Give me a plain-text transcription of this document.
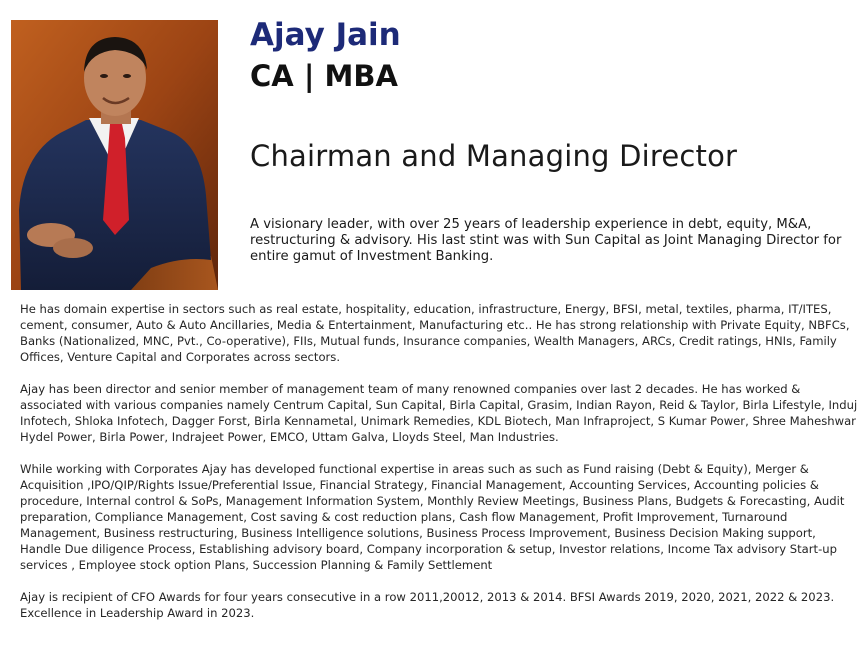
Ajay Jain
CA | MBA
Chairman and Managing Director

A visionary leader, with over 25 years of leadership experience in debt, equity, M&A, restructuring & advisory. His last stint was with Sun Capital as Joint Managing Director for entire gamut of Investment Banking.

He has domain expertise in sectors such as real estate, hospitality, education, infrastructure, Energy, BFSI, metal, textiles, pharma, IT/ITES, cement, consumer, Auto & Auto Ancillaries, Media & Entertainment, Manufacturing etc.. He has strong relationship with Private Equity, NBFCs, Banks (Nationalized, MNC, Pvt., Co-operative), FIIs, Mutual funds, Insurance companies, Wealth Managers, ARCs, Credit ratings, HNIs, Family Offices, Venture Capital and Corporates across sectors.

Ajay has been director and senior member of management team of many renowned companies over last 2 decades. He has worked & associated with various companies namely Centrum Capital, Sun Capital, Birla Capital, Grasim, Indian Rayon, Reid & Taylor, Birla Lifestyle, Induj Infotech, Shloka Infotech, Dagger Forst, Birla Kennametal, Unimark Remedies, KDL Biotech, Man Infraproject, S Kumar Power, Shree Maheshwar Hydel Power, Birla Power, Indrajeet Power, EMCO, Uttam Galva, Lloyds Steel, Man Industries.

While working with Corporates Ajay has developed functional expertise in areas such as such as Fund raising (Debt & Equity), Merger & Acquisition ,IPO/QIP/Rights Issue/Preferential Issue, Financial Strategy, Financial Management, Accounting Services, Accounting policies & procedure, Internal control & SoPs, Management Information System, Monthly Review Meetings, Business Plans, Budgets & Forecasting, Audit preparation, Compliance Management, Cost saving & cost reduction plans, Cash flow Management, Profit Improvement, Turnaround Management, Business restructuring, Business Intelligence solutions, Business Process Improvement, Business Decision Making support, Handle Due diligence Process, Establishing advisory board, Company incorporation & setup, Investor relations, Income Tax advisory Start-up services , Employee stock option Plans, Succession Planning & Family Settlement

Ajay is recipient of CFO Awards for four years consecutive in a row 2011,20012, 2013 & 2014. BFSI Awards 2019, 2020, 2021, 2022 & 2023. Excellence in Leadership Award in 2023.
